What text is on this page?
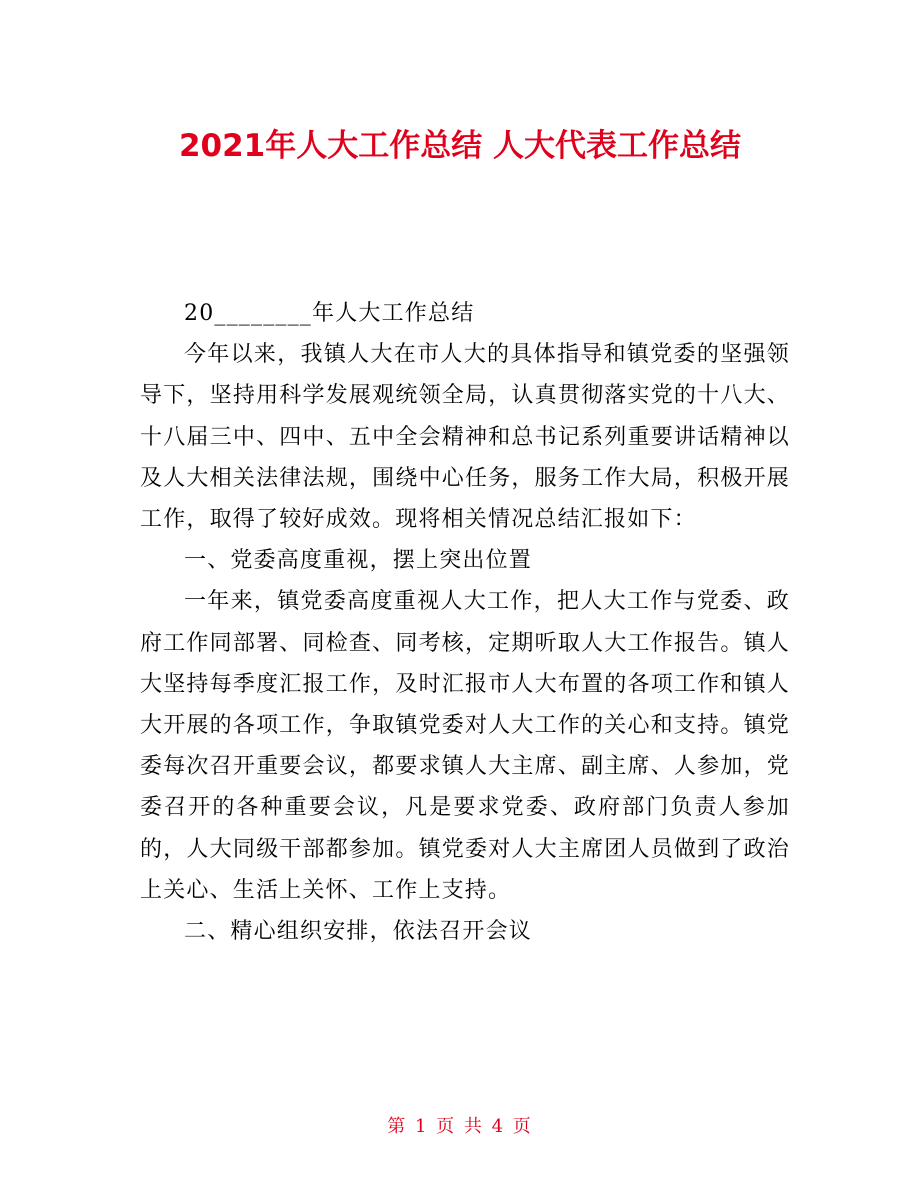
2021年人大工作总结 人大代表工作总结

20________年人大工作总结

今年以来，我镇人大在市人大的具体指导和镇党委的坚强领导下，坚持用科学发展观统领全局，认真贯彻落实党的十八大、十八届三中、四中、五中全会精神和总书记系列重要讲话精神以及人大相关法律法规，围绕中心任务，服务工作大局，积极开展工作，取得了较好成效。现将相关情况总结汇报如下：

一、党委高度重视，摆上突出位置

一年来，镇党委高度重视人大工作，把人大工作与党委、政府工作同部署、同检查、同考核，定期听取人大工作报告。镇人大坚持每季度汇报工作，及时汇报市人大布置的各项工作和镇人大开展的各项工作，争取镇党委对人大工作的关心和支持。镇党委每次召开重要会议，都要求镇人大主席、副主席、人参加，党委召开的各种重要会议，凡是要求党委、政府部门负责人参加的，人大同级干部都参加。镇党委对人大主席团人员做到了政治上关心、生活上关怀、工作上支持。

二、精心组织安排，依法召开会议

第 1 页 共 4 页
